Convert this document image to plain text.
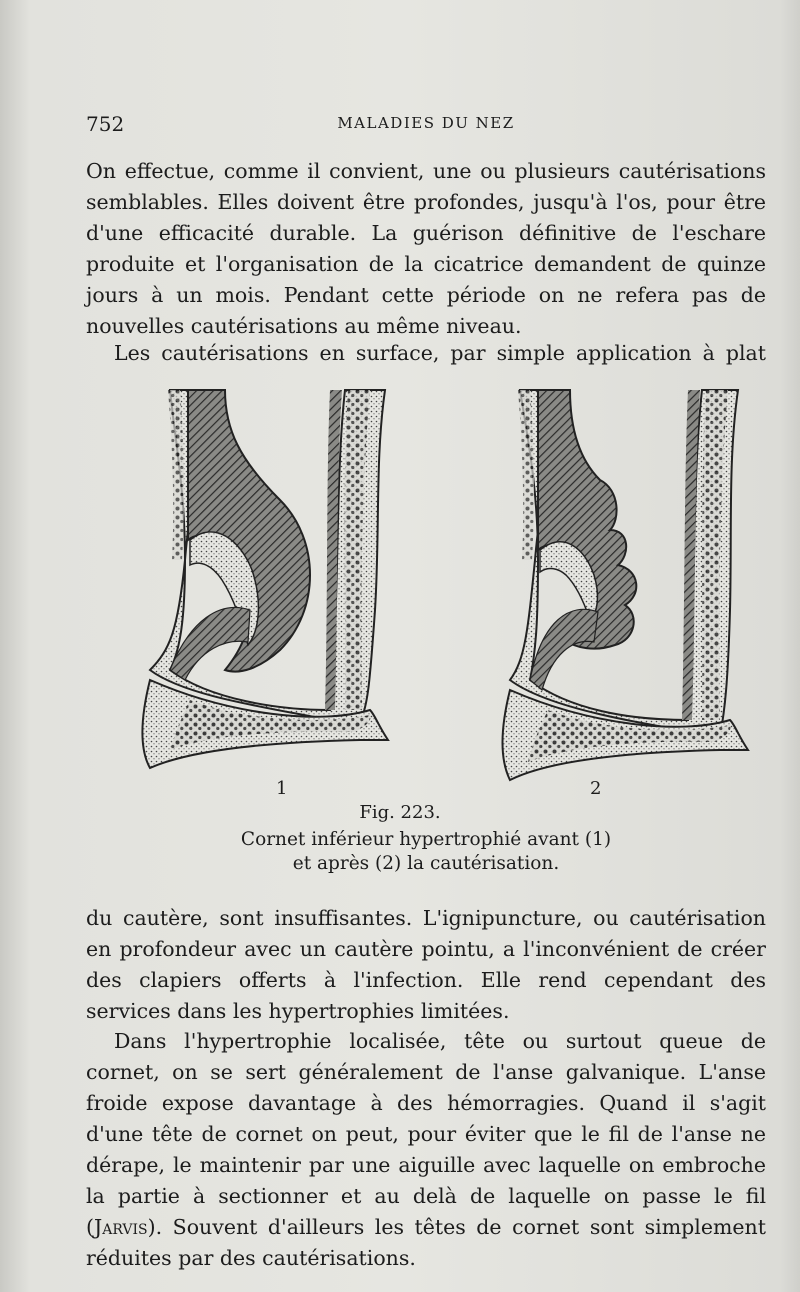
752	MALADIES DU NEZ

On effectue, comme il convient, une ou plusieurs cautérisations semblables. Elles doivent être profondes, jusqu'à l'os, pour être d'une efficacité durable. La guérison définitive de l'eschare produite et l'organisation de la cicatrice demandent de quinze jours à un mois. Pendant cette période on ne refera pas de nouvelles cautérisations au même niveau.

Les cautérisations en surface, par simple application à plat

1	2
Fig. 223.
Cornet inférieur hypertrophié avant (1)
et après (2) la cautérisation.

du cautère, sont insuffisantes. L'ignipuncture, ou cautérisation en profondeur avec un cautère pointu, a l'inconvénient de créer des clapiers offerts à l'infection. Elle rend cependant des services dans les hypertrophies limitées.

Dans l'hypertrophie localisée, tête ou surtout queue de cornet, on se sert généralement de l'anse galvanique. L'anse froide expose davantage à des hémorragies. Quand il s'agit d'une tête de cornet on peut, pour éviter que le fil de l'anse ne dérape, le maintenir par une aiguille avec laquelle on embroche la partie à sectionner et au delà de laquelle on passe le fil (Jarvis). Souvent d'ailleurs les têtes de cornet sont simplement réduites par des cautérisations.
